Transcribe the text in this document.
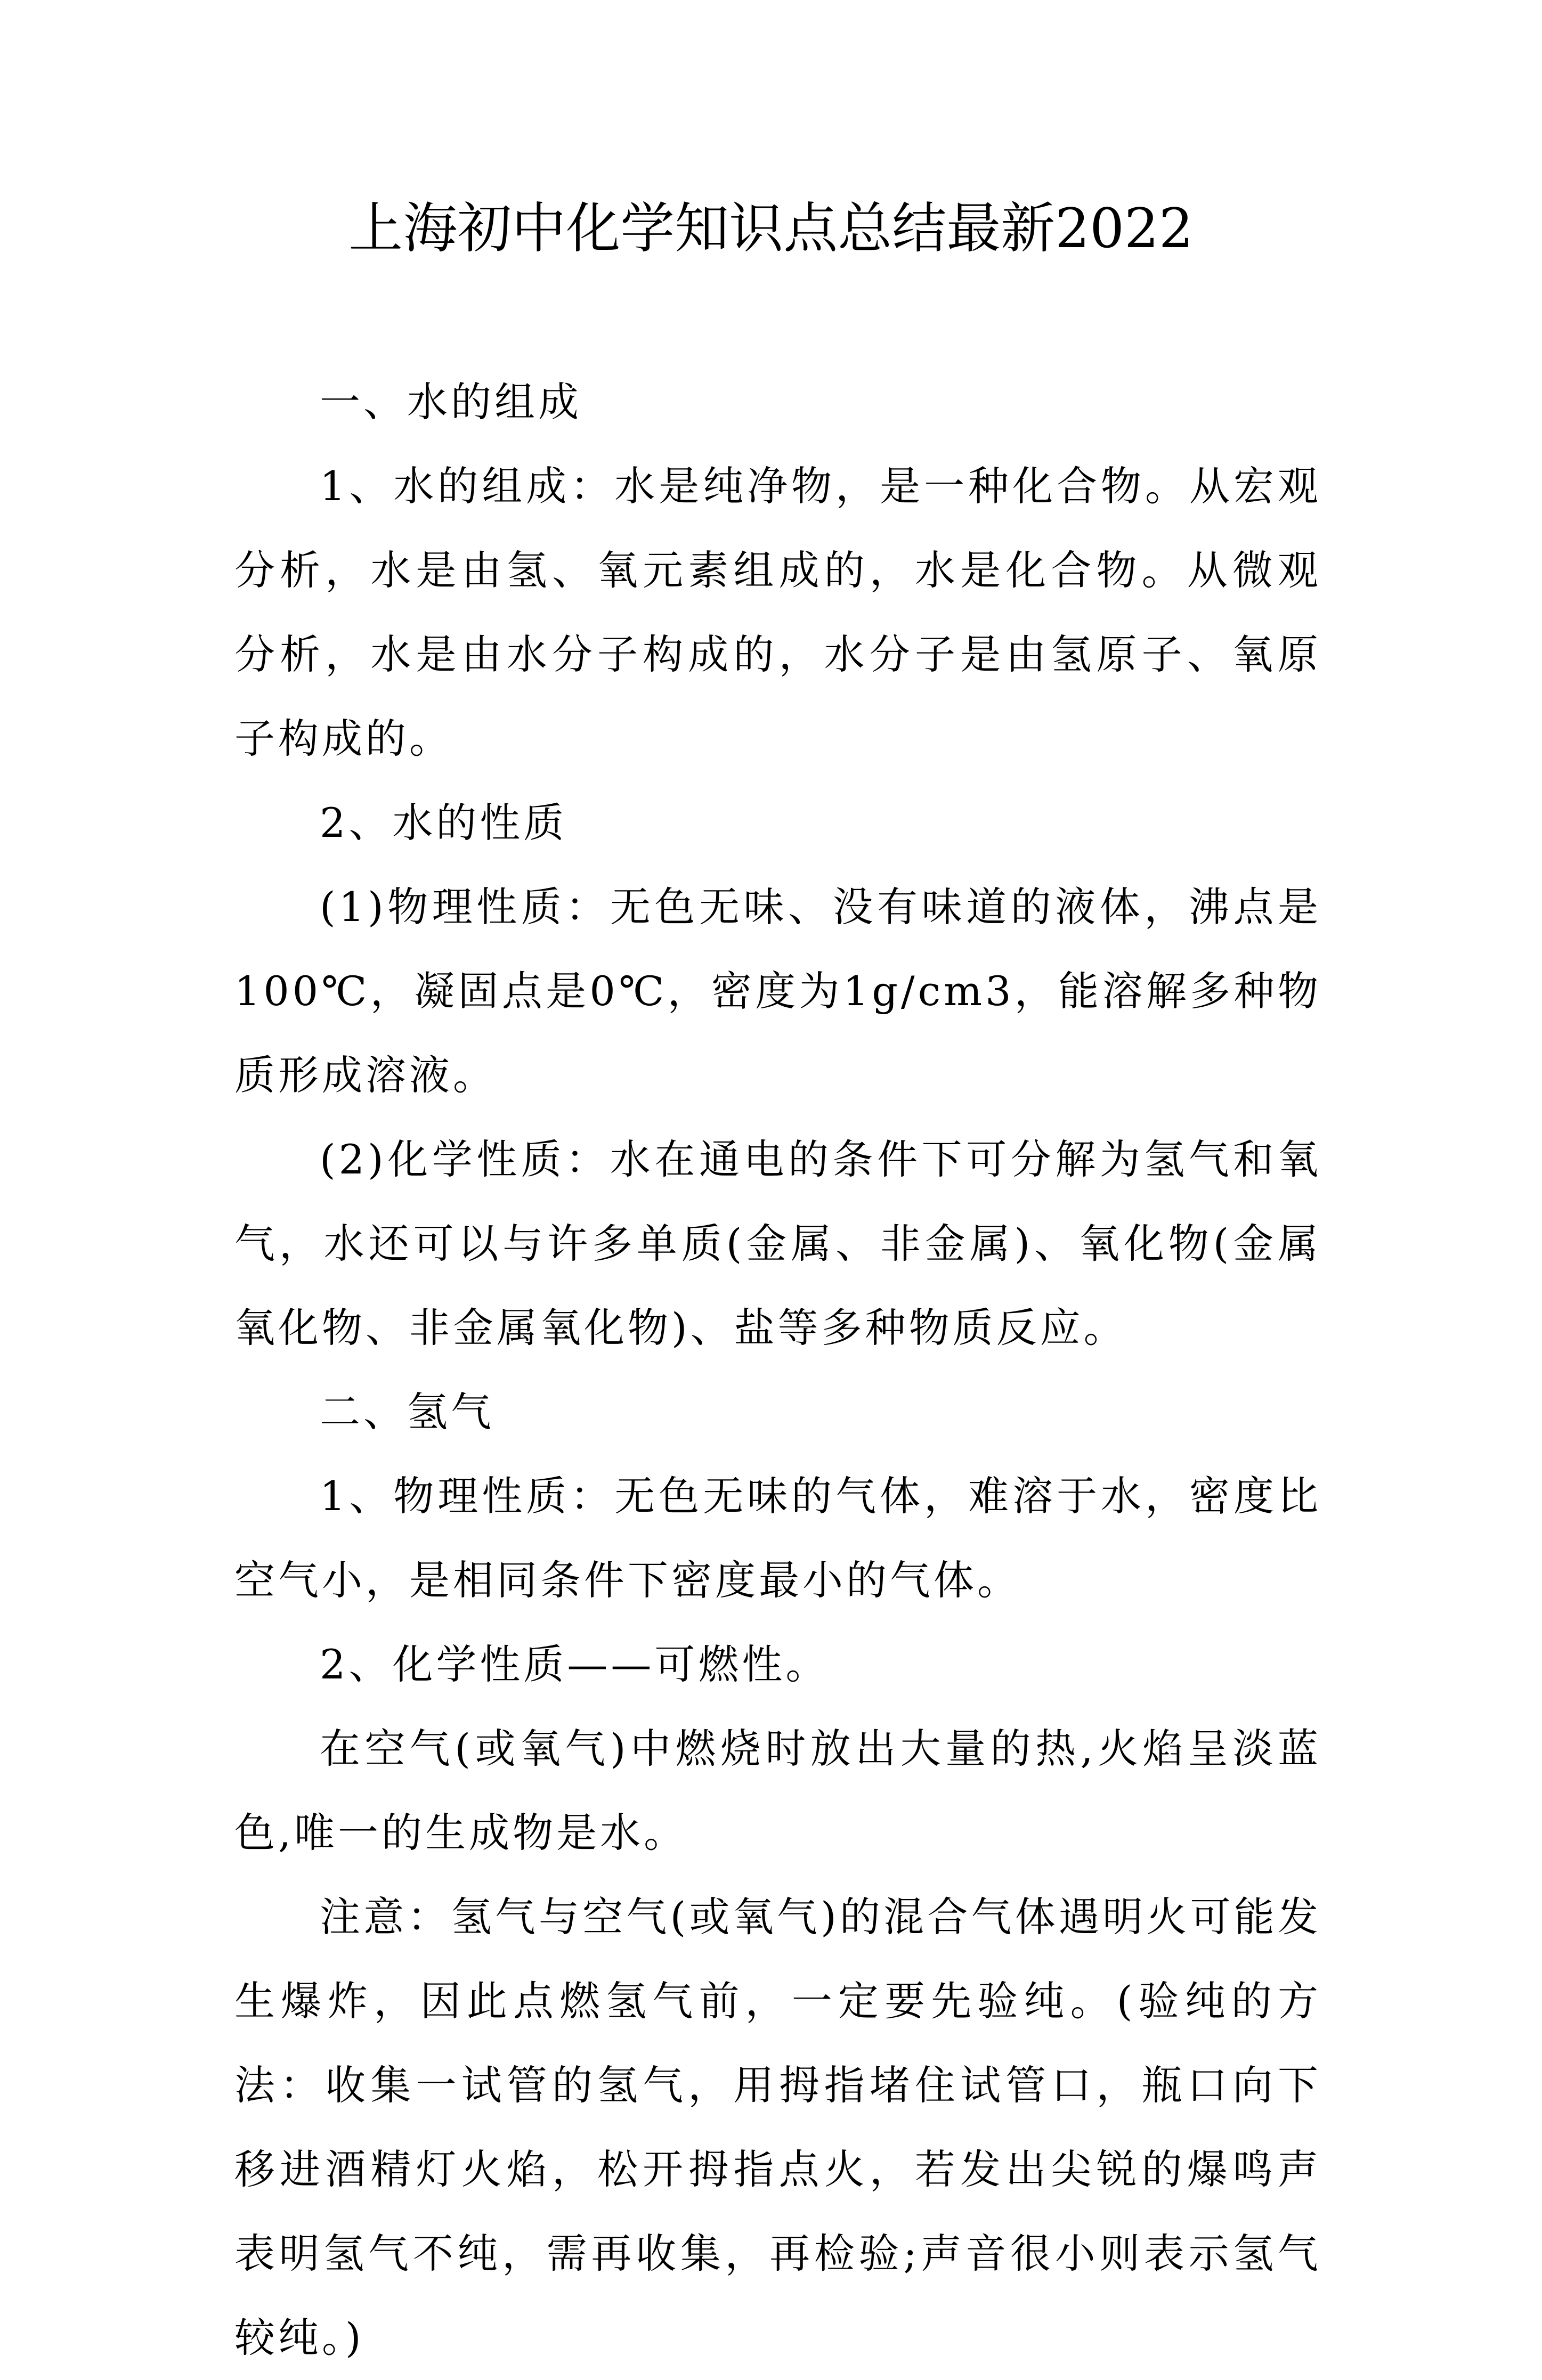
上海初中化学知识点总结最新2022

一、水的组成

1、水的组成：水是纯净物，是一种化合物。从宏观分析，水是由氢、氧元素组成的，水是化合物。从微观分析，水是由水分子构成的，水分子是由氢原子、氧原子构成的。

2、水的性质

(1)物理性质：无色无味、没有味道的液体，沸点是100℃，凝固点是0℃，密度为1g/cm3，能溶解多种物质形成溶液。

(2)化学性质：水在通电的条件下可分解为氢气和氧气，水还可以与许多单质(金属、非金属)、氧化物(金属氧化物、非金属氧化物)、盐等多种物质反应。

二、氢气

1、物理性质：无色无味的气体，难溶于水，密度比空气小，是相同条件下密度最小的气体。

2、化学性质——可燃性。

在空气(或氧气)中燃烧时放出大量的热,火焰呈淡蓝色,唯一的生成物是水。

注意：氢气与空气(或氧气)的混合气体遇明火可能发生爆炸，因此点燃氢气前，一定要先验纯。(验纯的方法：收集一试管的氢气，用拇指堵住试管口，瓶口向下移进酒精灯火焰，松开拇指点火，若发出尖锐的爆鸣声表明氢气不纯，需再收集，再检验;声音很小则表示氢气较纯。)
